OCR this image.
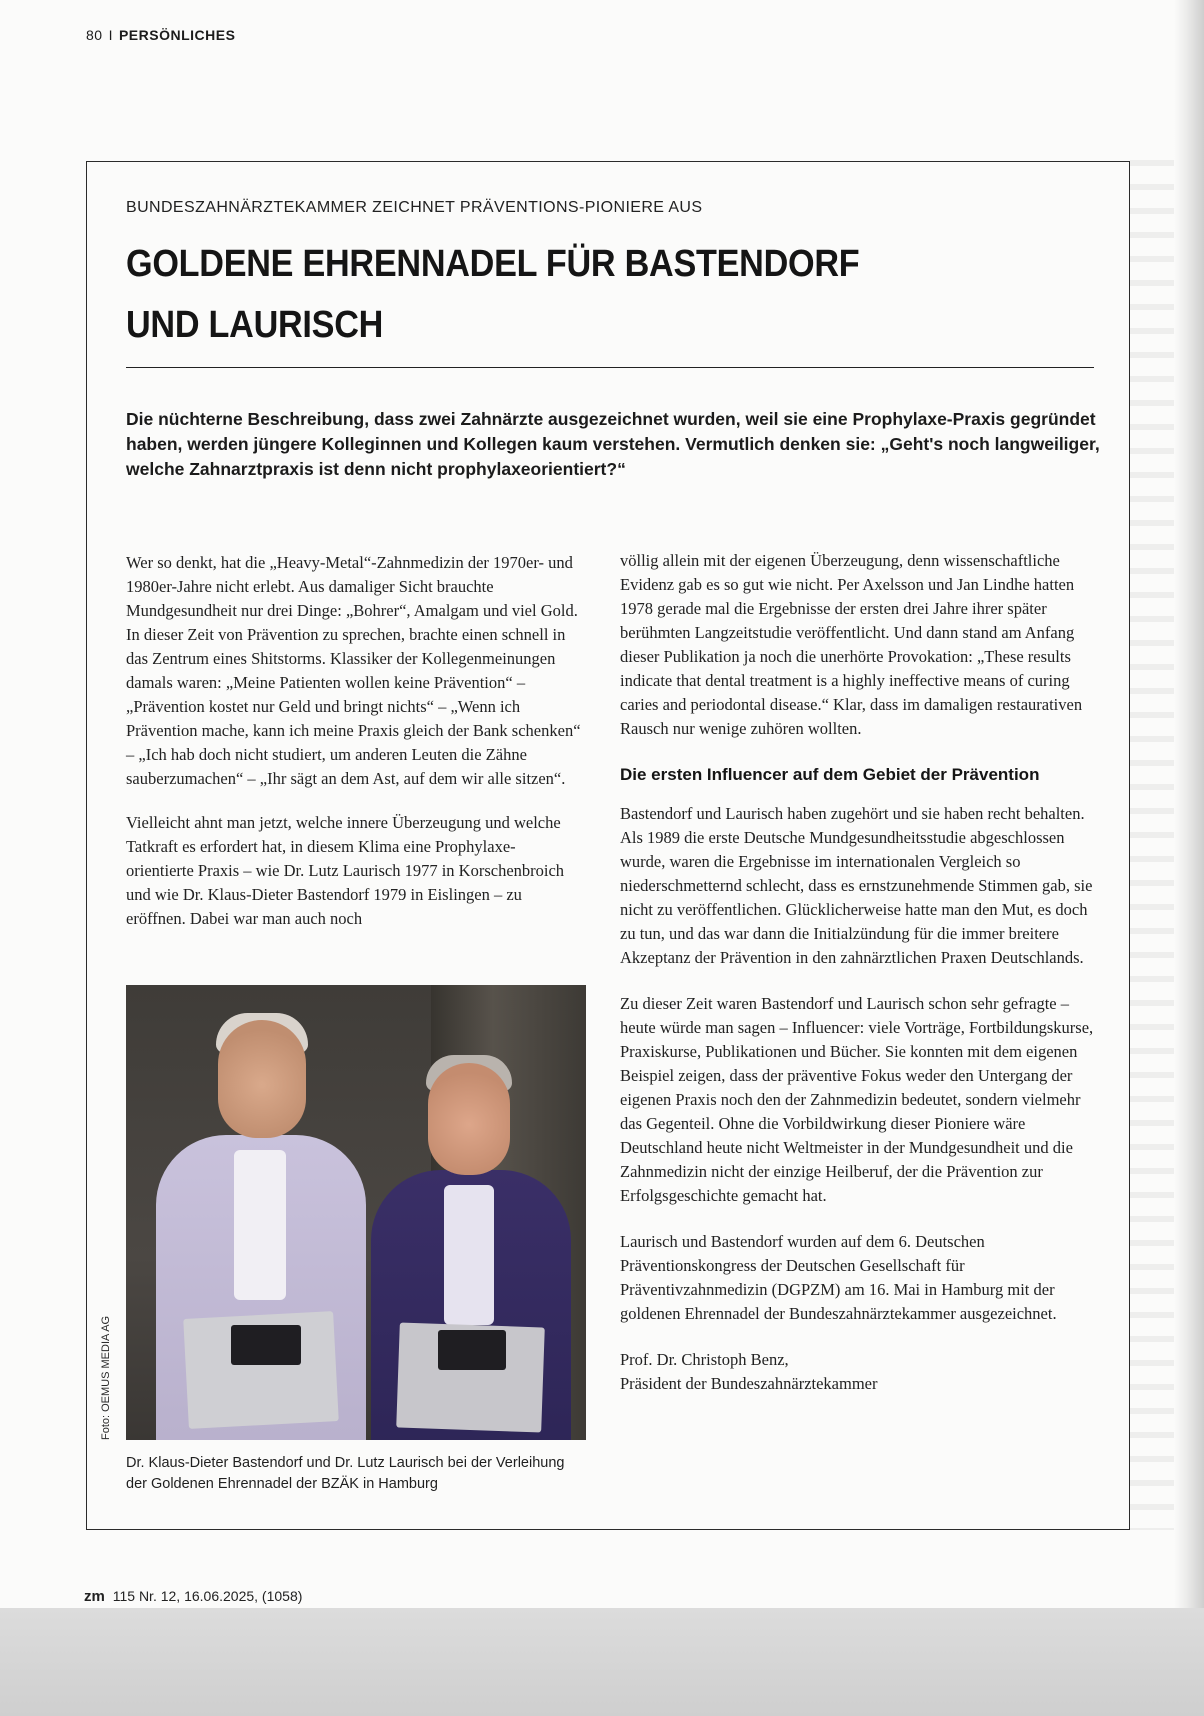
80 I PERSÖNLICHES
BUNDESZAHNÄRZTEKAMMER ZEICHNET PRÄVENTIONS-PIONIERE AUS
GOLDENE EHRENNADEL FÜR BASTENDORF
UND LAURISCH
Die nüchterne Beschreibung, dass zwei Zahnärzte ausgezeichnet wurden, weil sie eine Prophylaxe-Praxis gegründet haben, werden jüngere Kolleginnen und Kollegen kaum verstehen. Vermutlich denken sie: „Geht's noch langweiliger, welche Zahnarztpraxis ist denn nicht prophylaxeorientiert?“

Wer so denkt, hat die „Heavy-Metal“-Zahnmedizin der 1970er- und 1980er-Jahre nicht erlebt. Aus damaliger Sicht brauchte Mundgesundheit nur drei Dinge: „Bohrer“, Amalgam und viel Gold. In dieser Zeit von Prävention zu sprechen, brachte einen schnell in das Zentrum eines Shitstorms. Klassiker der Kollegenmeinungen damals waren: „Meine Patienten wollen keine Prävention“ – „Prävention kostet nur Geld und bringt nichts“ – „Wenn ich Prävention mache, kann ich meine Praxis gleich der Bank schenken“ – „Ich hab doch nicht studiert, um anderen Leuten die Zähne sauberzumachen“ – „Ihr sägt an dem Ast, auf dem wir alle sitzen“.

Vielleicht ahnt man jetzt, welche innere Überzeugung und welche Tatkraft es erfordert hat, in diesem Klima eine Prophylaxe-orientierte Praxis – wie Dr. Lutz Laurisch 1977 in Korschenbroich und wie Dr. Klaus-Dieter Bastendorf 1979 in Eislingen – zu eröffnen. Dabei war man auch noch

Foto: OEMUS MEDIA AG
Dr. Klaus-Dieter Bastendorf und Dr. Lutz Laurisch bei der Verleihung der Goldenen Ehrennadel der BZÄK in Hamburg

völlig allein mit der eigenen Überzeugung, denn wissenschaftliche Evidenz gab es so gut wie nicht. Per Axelsson und Jan Lindhe hatten 1978 gerade mal die Ergebnisse der ersten drei Jahre ihrer später berühmten Langzeitstudie veröffentlicht. Und dann stand am Anfang dieser Publikation ja noch die unerhörte Provokation: „These results indicate that dental treatment is a highly ineffective means of curing caries and periodontal disease.“ Klar, dass im damaligen restaurativen Rausch nur wenige zuhören wollten.

Die ersten Influencer auf dem Gebiet der Prävention

Bastendorf und Laurisch haben zugehört und sie haben recht behalten. Als 1989 die erste Deutsche Mundgesundheitsstudie abgeschlossen wurde, waren die Ergebnisse im internationalen Vergleich so niederschmetternd schlecht, dass es ernstzunehmende Stimmen gab, sie nicht zu veröffentlichen. Glücklicherweise hatte man den Mut, es doch zu tun, und das war dann die Initialzündung für die immer breitere Akzeptanz der Prävention in den zahnärztlichen Praxen Deutschlands.

Zu dieser Zeit waren Bastendorf und Laurisch schon sehr gefragte – heute würde man sagen – Influencer: viele Vorträge, Fortbildungskurse, Praxiskurse, Publikationen und Bücher. Sie konnten mit dem eigenen Beispiel zeigen, dass der präventive Fokus weder den Untergang der eigenen Praxis noch den der Zahnmedizin bedeutet, sondern vielmehr das Gegenteil. Ohne die Vorbildwirkung dieser Pioniere wäre Deutschland heute nicht Weltmeister in der Mundgesundheit und die Zahnmedizin nicht der einzige Heilberuf, der die Prävention zur Erfolgsgeschichte gemacht hat.

Laurisch und Bastendorf wurden auf dem 6. Deutschen Präventionskongress der Deutschen Gesellschaft für Präventivzahnmedizin (DGPZM) am 16. Mai in Hamburg mit der goldenen Ehrennadel der Bundeszahnärztekammer ausgezeichnet.

Prof. Dr. Christoph Benz,
Präsident der Bundeszahnärztekammer
zm 115 Nr. 12, 16.06.2025, (1058)
